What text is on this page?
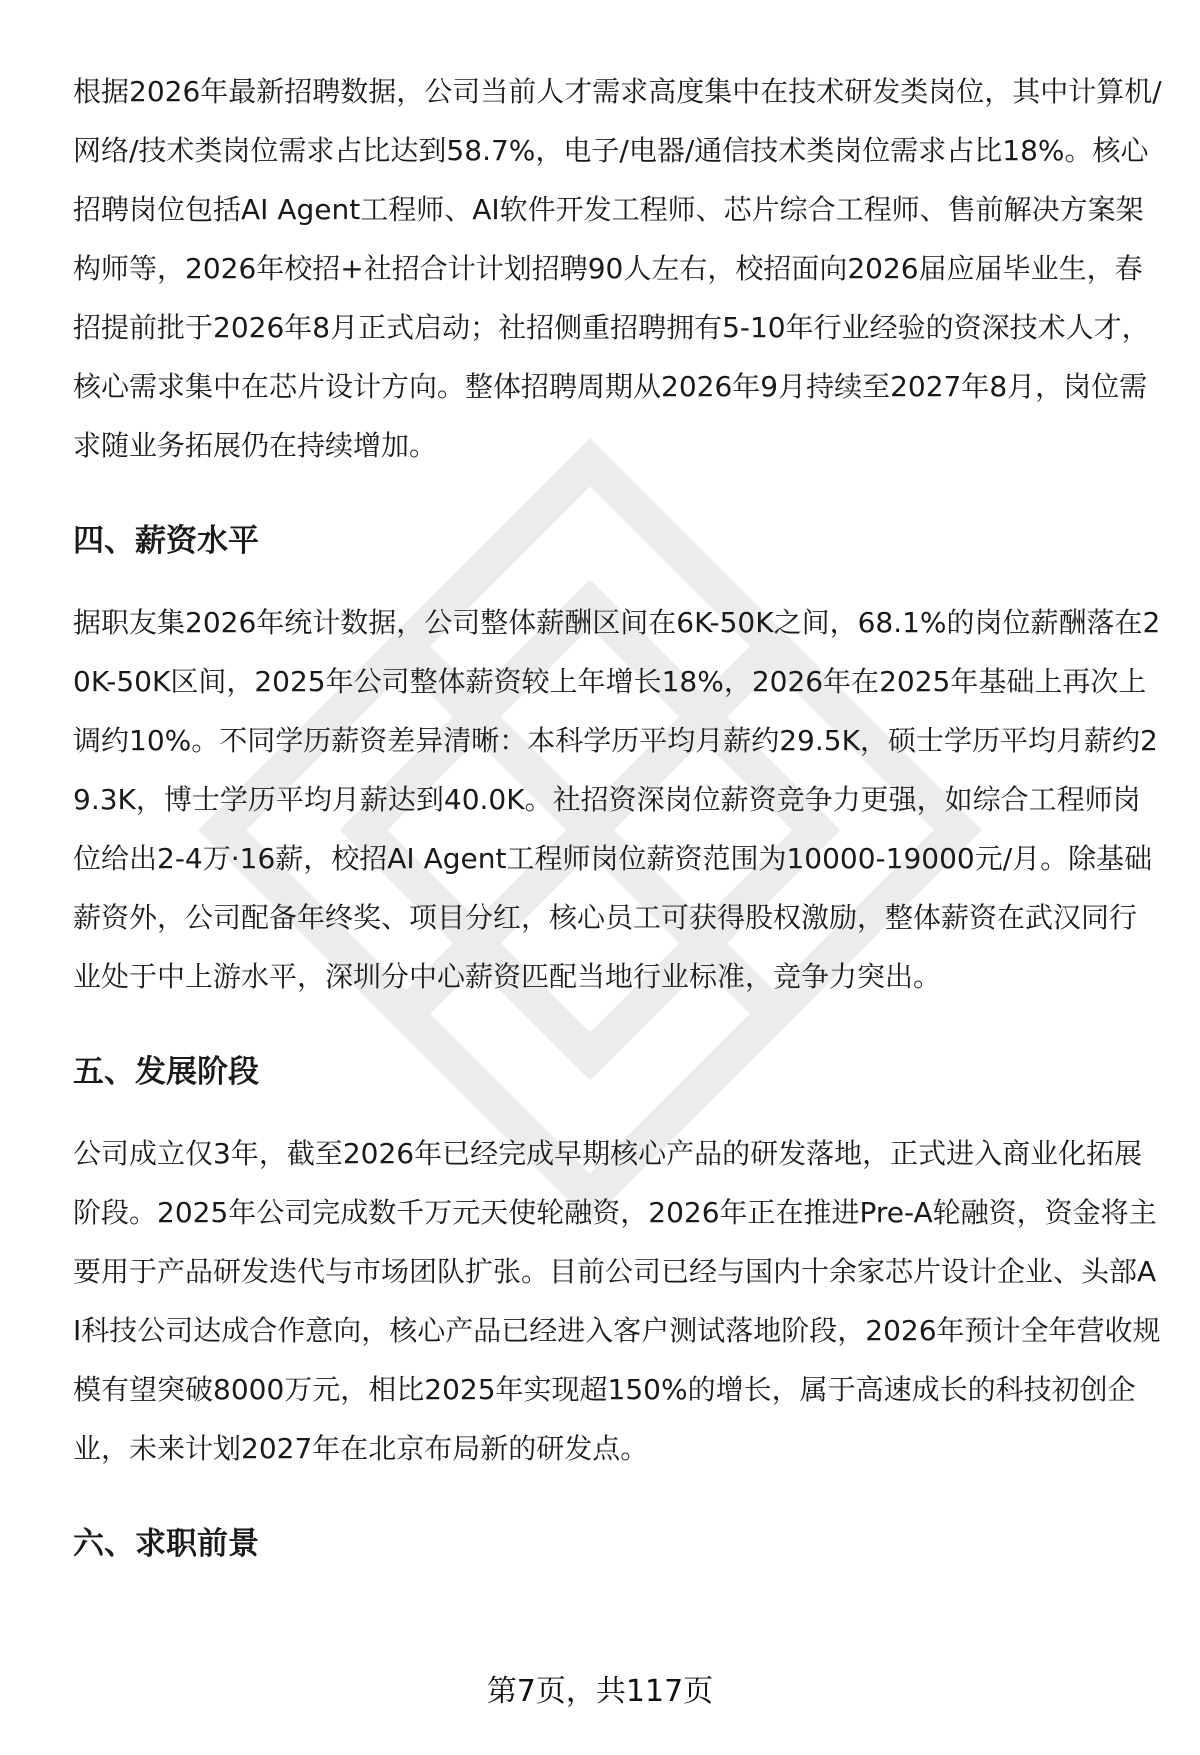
根据2026年最新招聘数据，公司当前人才需求高度集中在技术研发类岗位，其中计算机/网络/技术类岗位需求占比达到58.7%，电子/电器/通信技术类岗位需求占比18%。核心招聘岗位包括AI Agent工程师、AI软件开发工程师、芯片综合工程师、售前解决方案架构师等，2026年校招+社招合计计划招聘90人左右，校招面向2026届应届毕业生，春招提前批于2026年8月正式启动；社招侧重招聘拥有5-10年行业经验的资深技术人才，核心需求集中在芯片设计方向。整体招聘周期从2026年9月持续至2027年8月，岗位需求随业务拓展仍在持续增加。

四、薪资水平

据职友集2026年统计数据，公司整体薪酬区间在6K-50K之间，68.1%的岗位薪酬落在20K-50K区间，2025年公司整体薪资较上年增长18%，2026年在2025年基础上再次上调约10%。不同学历薪资差异清晰：本科学历平均月薪约29.5K，硕士学历平均月薪约29.3K，博士学历平均月薪达到40.0K。社招资深岗位薪资竞争力更强，如综合工程师岗位给出2-4万·16薪，校招AI Agent工程师岗位薪资范围为10000-19000元/月。除基础薪资外，公司配备年终奖、项目分红，核心员工可获得股权激励，整体薪资在武汉同行业处于中上游水平，深圳分中心薪资匹配当地行业标准，竞争力突出。

五、发展阶段

公司成立仅3年，截至2026年已经完成早期核心产品的研发落地，正式进入商业化拓展阶段。2025年公司完成数千万元天使轮融资，2026年正在推进Pre-A轮融资，资金将主要用于产品研发迭代与市场团队扩张。目前公司已经与国内十余家芯片设计企业、头部AI科技公司达成合作意向，核心产品已经进入客户测试落地阶段，2026年预计全年营收规模有望突破8000万元，相比2025年实现超150%的增长，属于高速成长的科技初创企业，未来计划2027年在北京布局新的研发点。

六、求职前景
第7页，共117页
